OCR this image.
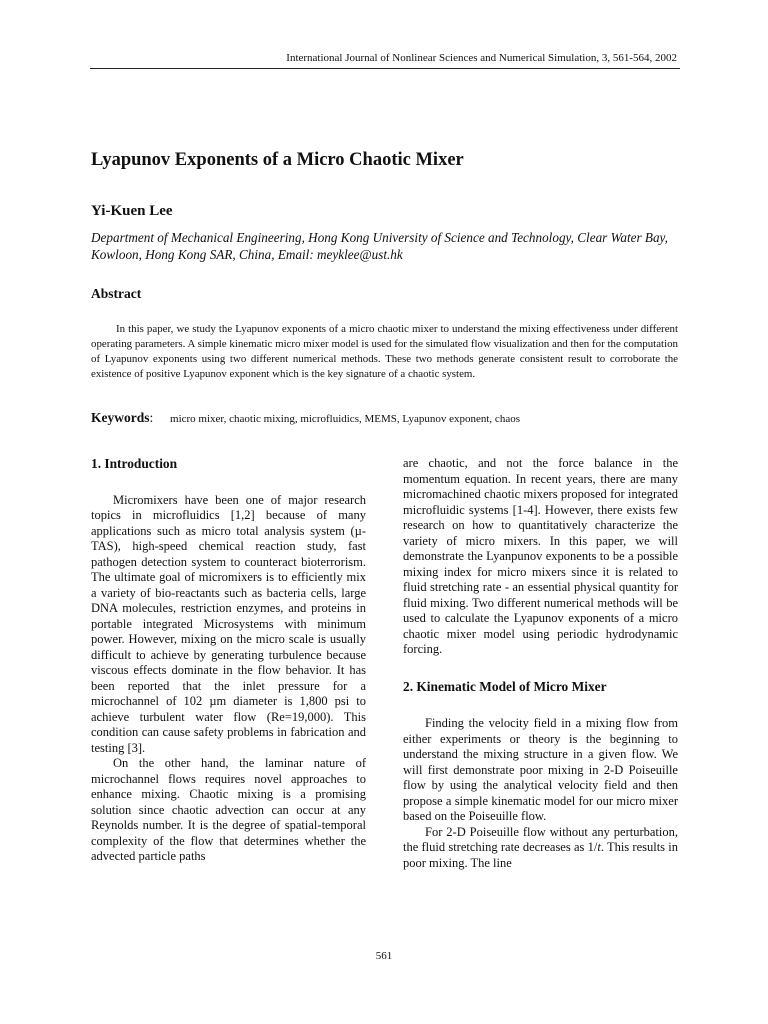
International Journal of Nonlinear Sciences and Numerical Simulation, 3, 561-564, 2002
Lyapunov Exponents of a Micro Chaotic Mixer
Yi-Kuen Lee
Department of Mechanical Engineering, Hong Kong University of Science and Technology, Clear Water Bay, Kowloon, Hong Kong SAR, China, Email: meyklee@ust.hk
Abstract
In this paper, we study the Lyapunov exponents of a micro chaotic mixer to understand the mixing effectiveness under different operating parameters. A simple kinematic micro mixer model is used for the simulated flow visualization and then for the computation of Lyapunov exponents using two different numerical methods. These two methods generate consistent result to corroborate the existence of positive Lyapunov exponent which is the key signature of a chaotic system.
Keywords: micro mixer, chaotic mixing, microfluidics, MEMS, Lyapunov exponent, chaos

1. Introduction

Micromixers have been one of major research topics in microfluidics [1,2] because of many applications such as micro total analysis system (µ-TAS), high-speed chemical reaction study, fast pathogen detection system to counteract bioterrorism. The ultimate goal of micromixers is to efficiently mix a variety of bio-reactants such as bacteria cells, large DNA molecules, restriction enzymes, and proteins in portable integrated Microsystems with minimum power. However, mixing on the micro scale is usually difficult to achieve by generating turbulence because viscous effects dominate in the flow behavior. It has been reported that the inlet pressure for a microchannel of 102 µm diameter is 1,800 psi to achieve turbulent water flow (Re=19,000). This condition can cause safety problems in fabrication and testing [3].

On the other hand, the laminar nature of microchannel flows requires novel approaches to enhance mixing. Chaotic mixing is a promising solution since chaotic advection can occur at any Reynolds number. It is the degree of spatial-temporal complexity of the flow that determines whether the advected particle paths

are chaotic, and not the force balance in the momentum equation. In recent years, there are many micromachined chaotic mixers proposed for integrated microfluidic systems [1-4]. However, there exists few research on how to quantitatively characterize the variety of micro mixers. In this paper, we will demonstrate the Lyanpunov exponents to be a possible mixing index for micro mixers since it is related to fluid stretching rate - an essential physical quantity for fluid mixing. Two different numerical methods will be used to calculate the Lyapunov exponents of a micro chaotic mixer model using periodic hydrodynamic forcing.

2. Kinematic Model of Micro Mixer

Finding the velocity field in a mixing flow from either experiments or theory is the beginning to understand the mixing structure in a given flow. We will first demonstrate poor mixing in 2-D Poiseuille flow by using the analytical velocity field and then propose a simple kinematic model for our micro mixer based on the Poiseuille flow.

For 2-D Poiseuille flow without any perturbation, the fluid stretching rate decreases as 1/t. This results in poor mixing. The line

561
